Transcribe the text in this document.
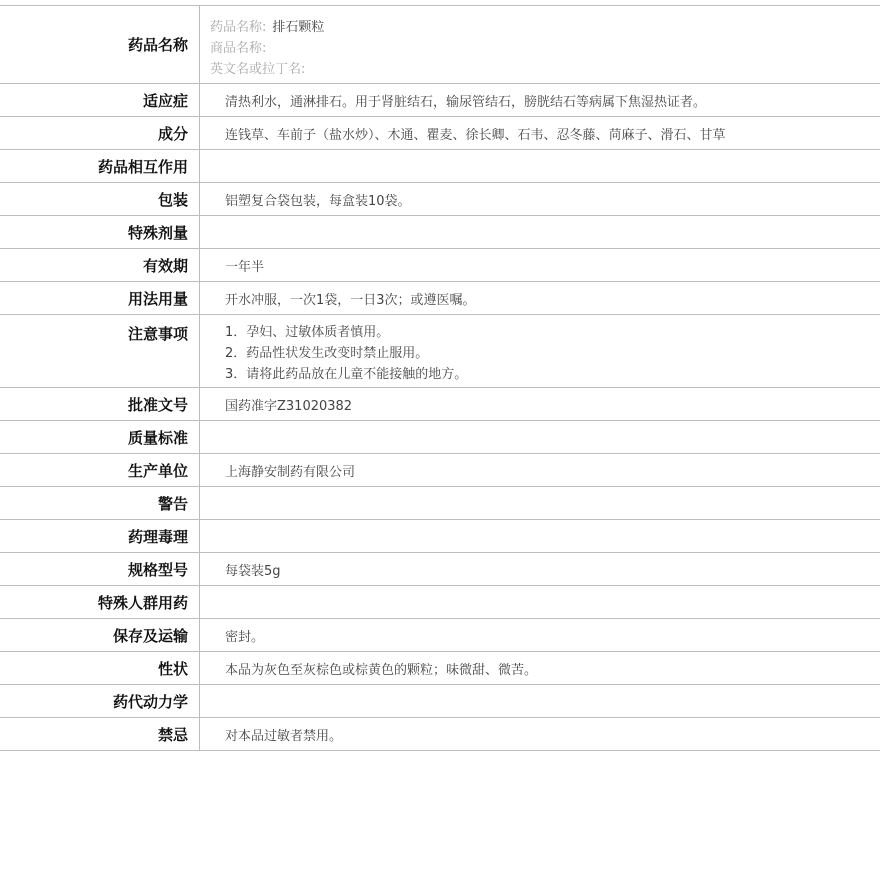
药品名称
药品名称: 排石颗粒
商品名称:
英文名或拉丁名:
适应症	清热利水，通淋排石。用于肾脏结石，输尿管结石，膀胱结石等病属下焦湿热证者。
成分	连钱草、车前子（盐水炒）、木通、瞿麦、徐长卿、石韦、忍冬藤、苘麻子、滑石、甘草
药品相互作用
包装	铝塑复合袋包装，每盒装10袋。
特殊剂量
有效期	一年半
用法用量	开水冲服，一次1袋，一日3次；或遵医嘱。
注意事项	1．孕妇、过敏体质者慎用。
2．药品性状发生改变时禁止服用。
3．请将此药品放在儿童不能接触的地方。
批准文号	国药准字Z31020382
质量标准
生产单位	上海静安制药有限公司
警告
药理毒理
规格型号	每袋装5g
特殊人群用药
保存及运输	密封。
性状	本品为灰色至灰棕色或棕黄色的颗粒；味微甜、微苦。
药代动力学
禁忌	对本品过敏者禁用。
